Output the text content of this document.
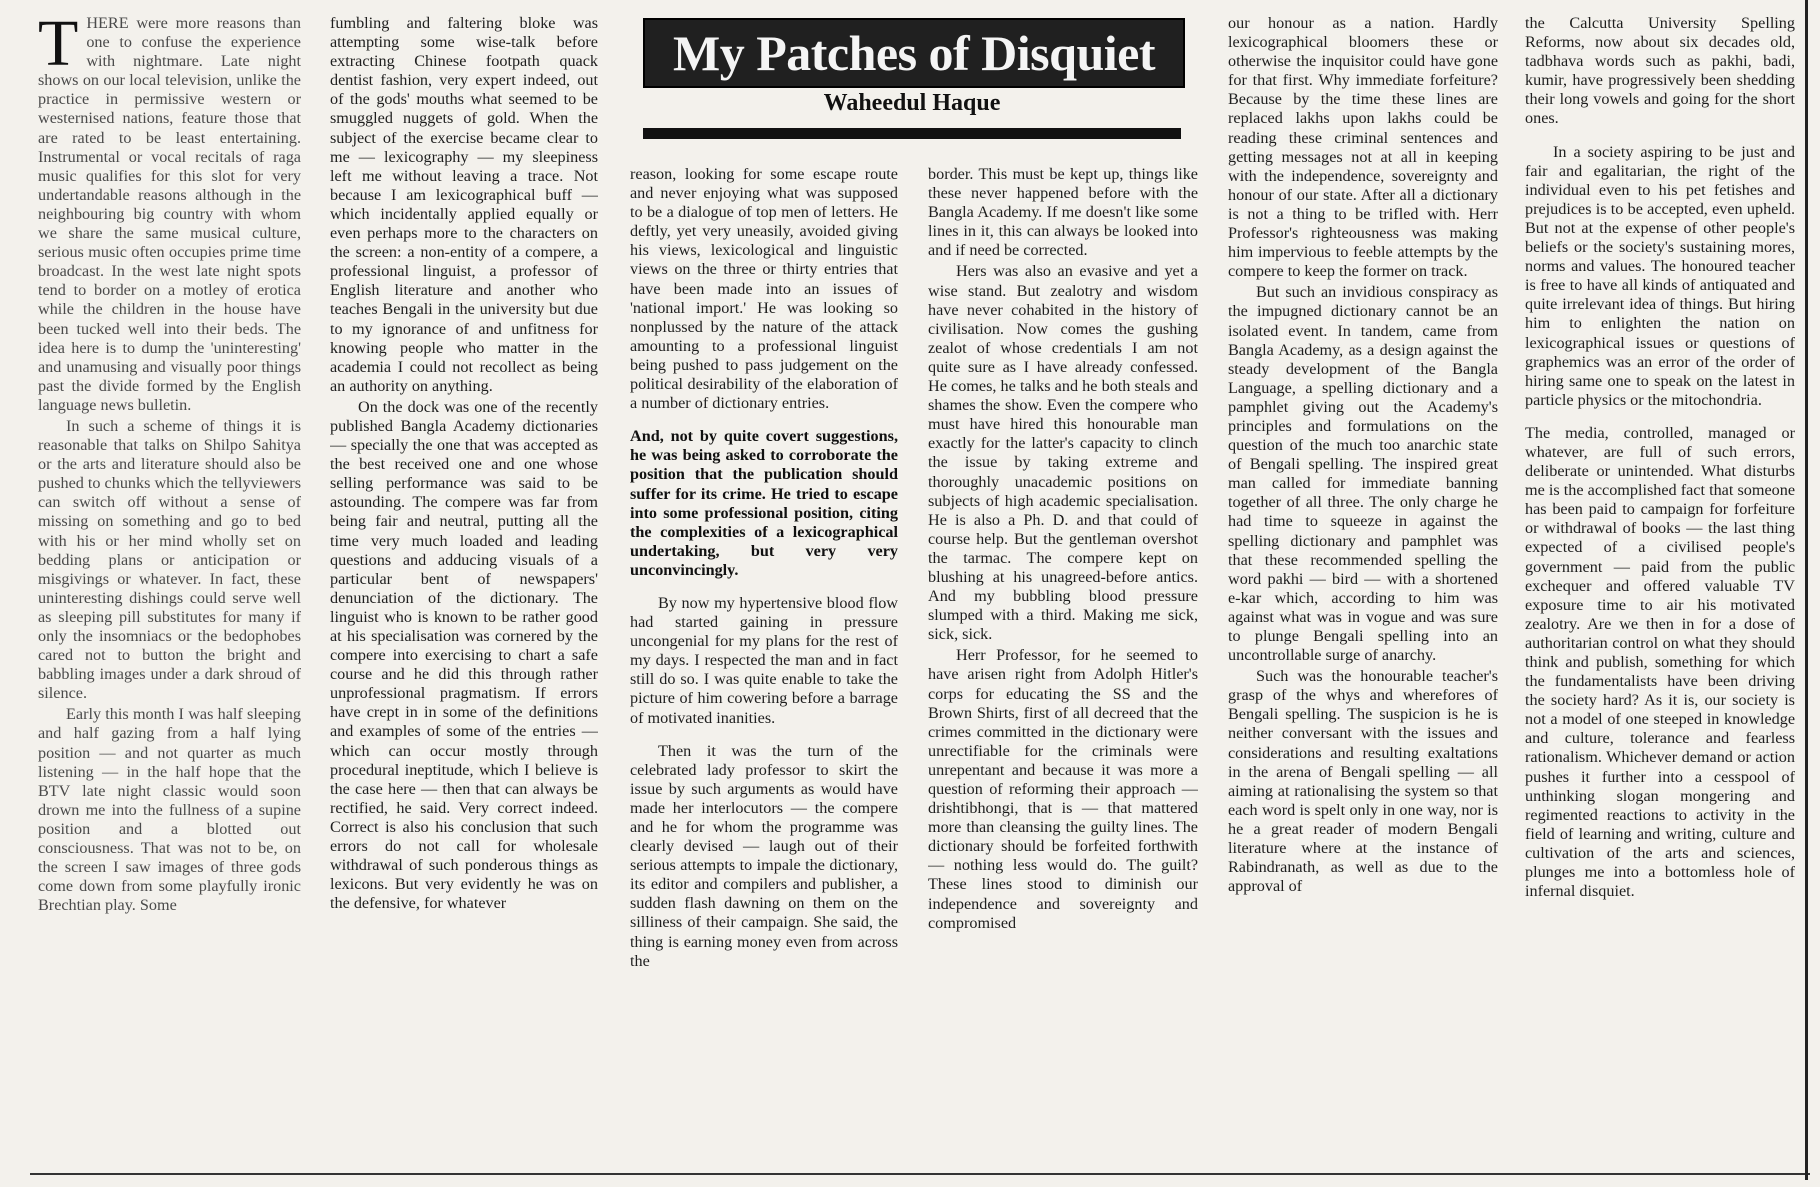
My Patches of Disquiet
Waheedul Haque

THERE were more reasons than one to confuse the experience with nightmare. Late night shows on our local television, unlike the practice in permissive western or westernised nations, feature those that are rated to be least entertaining. Instrumental or vocal recitals of raga music qualifies for this slot for very undertandable reasons although in the neighbouring big country with whom we share the same musical culture, serious music often occupies prime time broadcast. In the west late night spots tend to border on a motley of erotica while the children in the house have been tucked well into their beds. The idea here is to dump the 'uninteresting' and unamusing and visually poor things past the divide formed by the English language news bulletin.

In such a scheme of things it is reasonable that talks on Shilpo Sahitya or the arts and literature should also be pushed to chunks which the tellyviewers can switch off without a sense of missing on something and go to bed with his or her mind wholly set on bedding plans or anticipation or misgivings or whatever. In fact, these uninteresting dishings could serve well as sleeping pill substitutes for many if only the insomniacs or the bedophobes cared not to button the bright and babbling images under a dark shroud of silence.

Early this month I was half sleeping and half gazing from a half lying position — and not quarter as much listening — in the half hope that the BTV late night classic would soon drown me into the fullness of a supine position and a blotted out consciousness. That was not to be, on the screen I saw images of three gods come down from some playfully ironic Brechtian play. Some

fumbling and faltering bloke was attempting some wise-talk before extracting Chinese footpath quack dentist fashion, very expert indeed, out of the gods' mouths what seemed to be smuggled nuggets of gold. When the subject of the exercise became clear to me — lexicography — my sleepiness left me without leaving a trace. Not because I am lexicographical buff — which incidentally applied equally or even perhaps more to the characters on the screen: a non-entity of a compere, a professional linguist, a professor of English literature and another who teaches Bengali in the university but due to my ignorance of and unfitness for knowing people who matter in the academia I could not recollect as being an authority on anything.

On the dock was one of the recently published Bangla Academy dictionaries — specially the one that was accepted as the best received one and one whose selling performance was said to be astounding. The compere was far from being fair and neutral, putting all the time very much loaded and leading questions and adducing visuals of a particular bent of newspapers' denunciation of the dictionary. The linguist who is known to be rather good at his specialisation was cornered by the compere into exercising to chart a safe course and he did this through rather unprofessional pragmatism. If errors have crept in in some of the definitions and examples of some of the entries — which can occur mostly through procedural ineptitude, which I believe is the case here — then that can always be rectified, he said. Very correct indeed. Correct is also his conclusion that such errors do not call for wholesale withdrawal of such ponderous things as lexicons. But very evidently he was on the defensive, for whatever

reason, looking for some escape route and never enjoying what was supposed to be a dialogue of top men of letters. He deftly, yet very uneasily, avoided giving his views, lexicological and linguistic views on the three or thirty entries that have been made into an issues of 'national import.' He was looking so nonplussed by the nature of the attack amounting to a professional linguist being pushed to pass judgement on the political desirability of the elaboration of a number of dictionary entries.

And, not by quite covert suggestions, he was being asked to corroborate the position that the publication should suffer for its crime. He tried to escape into some professional position, citing the complexities of a lexicographical undertaking, but very very unconvincingly.

By now my hypertensive blood flow had started gaining in pressure uncongenial for my plans for the rest of my days. I respected the man and in fact still do so. I was quite enable to take the picture of him cowering before a barrage of motivated inanities.

Then it was the turn of the celebrated lady professor to skirt the issue by such arguments as would have made her interlocutors — the compere and he for whom the programme was clearly devised — laugh out of their serious attempts to impale the dictionary, its editor and compilers and publisher, a sudden flash dawning on them on the silliness of their campaign. She said, the thing is earning money even from across the

border. This must be kept up, things like these never happened before with the Bangla Academy. If me doesn't like some lines in it, this can always be looked into and if need be corrected.

Hers was also an evasive and yet a wise stand. But zealotry and wisdom have never cohabited in the history of civilisation. Now comes the gushing zealot of whose credentials I am not quite sure as I have already confessed. He comes, he talks and he both steals and shames the show. Even the compere who must have hired this honourable man exactly for the latter's capacity to clinch the issue by taking extreme and thoroughly unacademic positions on subjects of high academic specialisation. He is also a Ph. D. and that could of course help. But the gentleman overshot the tarmac. The compere kept on blushing at his unagreed-before antics. And my bubbling blood pressure slumped with a third. Making me sick, sick, sick.

Herr Professor, for he seemed to have arisen right from Adolph Hitler's corps for educating the SS and the Brown Shirts, first of all decreed that the crimes committed in the dictionary were unrectifiable for the criminals were unrepentant and because it was more a question of reforming their approach — drishtibhongi, that is — that mattered more than cleansing the guilty lines. The dictionary should be forfeited forthwith — nothing less would do. The guilt? These lines stood to diminish our independence and sovereignty and compromised

our honour as a nation. Hardly lexicographical bloomers these or otherwise the inquisitor could have gone for that first. Why immediate forfeiture? Because by the time these lines are replaced lakhs upon lakhs could be reading these criminal sentences and getting messages not at all in keeping with the independence, sovereignty and honour of our state. After all a dictionary is not a thing to be trifled with. Herr Professor's righteousness was making him impervious to feeble attempts by the compere to keep the former on track.

But such an invidious conspiracy as the impugned dictionary cannot be an isolated event. In tandem, came from Bangla Academy, as a design against the steady development of the Bangla Language, a spelling dictionary and a pamphlet giving out the Academy's principles and formulations on the question of the much too anarchic state of Bengali spelling. The inspired great man called for immediate banning together of all three. The only charge he had time to squeeze in against the spelling dictionary and pamphlet was that these recommended spelling the word pakhi — bird — with a shortened e-kar which, according to him was against what was in vogue and was sure to plunge Bengali spelling into an uncontrollable surge of anarchy.

Such was the honourable teacher's grasp of the whys and wherefores of Bengali spelling. The suspicion is he is neither conversant with the issues and considerations and resulting exaltations in the arena of Bengali spelling — all aiming at rationalising the system so that each word is spelt only in one way, nor is he a great reader of modern Bengali literature where at the instance of Rabindranath, as well as due to the approval of

the Calcutta University Spelling Reforms, now about six decades old, tadbhava words such as pakhi, badi, kumir, have progressively been shedding their long vowels and going for the short ones.

In a society aspiring to be just and fair and egalitarian, the right of the individual even to his pet fetishes and prejudices is to be accepted, even upheld. But not at the expense of other people's beliefs or the society's sustaining mores, norms and values. The honoured teacher is free to have all kinds of antiquated and quite irrelevant idea of things. But hiring him to enlighten the nation on lexicographical issues or questions of graphemics was an error of the order of hiring same one to speak on the latest in particle physics or the mitochondria.

The media, controlled, managed or whatever, are full of such errors, deliberate or unintended. What disturbs me is the accomplished fact that someone has been paid to campaign for forfeiture or withdrawal of books — the last thing expected of a civilised people's government — paid from the public exchequer and offered valuable TV exposure time to air his motivated zealotry. Are we then in for a dose of authoritarian control on what they should think and publish, something for which the fundamentalists have been driving the society hard? As it is, our society is not a model of one steeped in knowledge and culture, tolerance and fearless rationalism. Whichever demand or action pushes it further into a cesspool of unthinking slogan mongering and regimented reactions to activity in the field of learning and writing, culture and cultivation of the arts and sciences, plunges me into a bottomless hole of infernal disquiet.
